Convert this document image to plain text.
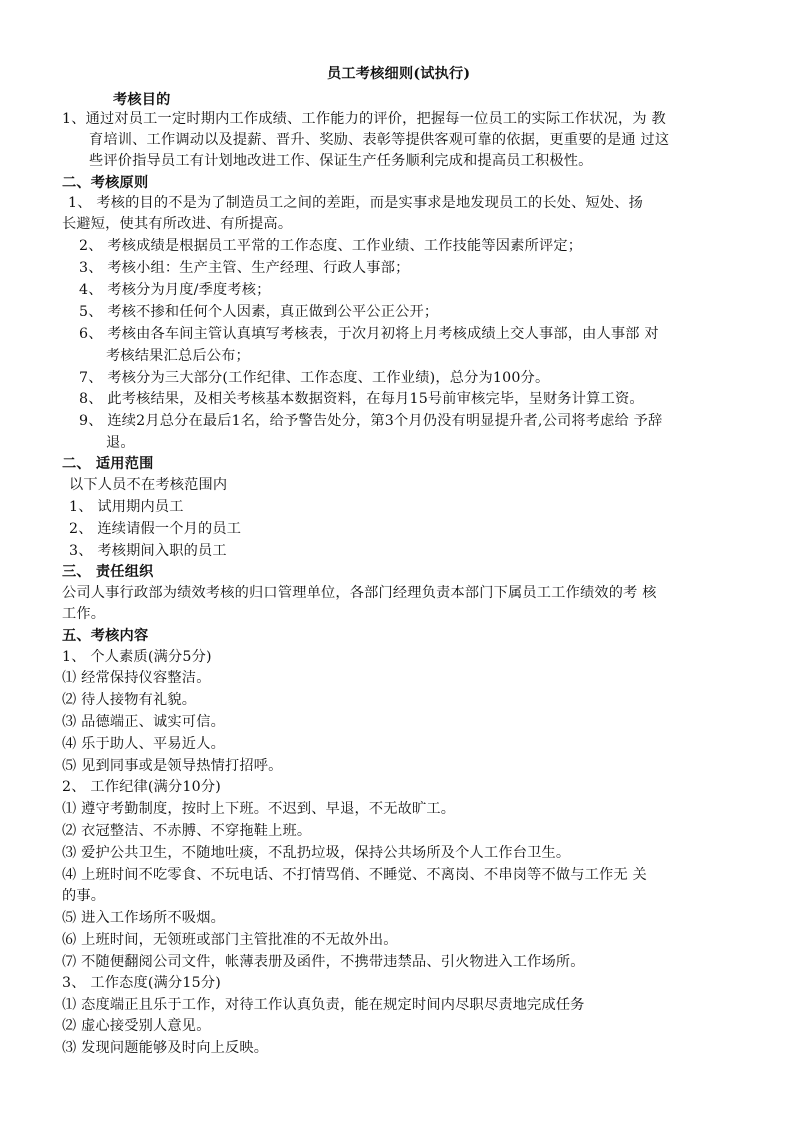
员工考核细则(试执行)
考核目的
1、通过对员工一定时期内工作成绩、工作能力的评价，把握每一位员工的实际工作状况，为 教
育培训、工作调动以及提薪、晋升、奖励、表彰等提供客观可靠的依据，更重要的是通 过这
些评价指导员工有计划地改进工作、保证生产任务顺利完成和提高员工积极性。
二、考核原则
1、 考核的目的不是为了制造员工之间的差距，而是实事求是地发现员工的长处、短处、扬
长避短，使其有所改进、有所提高。
2、 考核成绩是根据员工平常的工作态度、工作业绩、工作技能等因素所评定；
3、 考核小组：生产主管、生产经理、行政人事部；
4、 考核分为月度/季度考核；
5、 考核不掺和任何个人因素，真正做到公平公正公开；
6、 考核由各车间主管认真填写考核表，于次月初将上月考核成绩上交人事部，由人事部 对
考核结果汇总后公布；
7、 考核分为三大部分(工作纪律、工作态度、工作业绩)，总分为100分。
8、 此考核结果，及相关考核基本数据资料，在每月15号前审核完毕，呈财务计算工资。
9、 连续2月总分在最后1名，给予警告处分，第3个月仍没有明显提升者,公司将考虑给 予辞
退。
二、 适用范围
以下人员不在考核范围内
1、 试用期内员工
2、 连续请假一个月的员工
3、 考核期间入职的员工
三、 责任组织
公司人事行政部为绩效考核的归口管理单位，各部门经理负责本部门下属员工工作绩效的考 核
工作。
五、考核内容
1、 个人素质(满分5分)
⑴ 经常保持仪容整洁。
⑵ 待人接物有礼貌。
⑶ 品德端正、诚实可信。
⑷ 乐于助人、平易近人。
⑸ 见到同事或是领导热情打招呼。
2、 工作纪律(满分10分)
⑴ 遵守考勤制度，按时上下班。不迟到、早退，不无故旷工。
⑵ 衣冠整洁、不赤膊、不穿拖鞋上班。
⑶ 爱护公共卫生，不随地吐痰，不乱扔垃圾，保持公共场所及个人工作台卫生。
⑷ 上班时间不吃零食、不玩电话、不打情骂俏、不睡觉、不离岗、不串岗等不做与工作无 关
的事。
⑸ 进入工作场所不吸烟。
⑹ 上班时间，无领班或部门主管批准的不无故外出。
⑺ 不随便翻阅公司文件，帐薄表册及函件，不携带违禁品、引火物进入工作场所。
3、 工作态度(满分15分)
⑴ 态度端正且乐于工作，对待工作认真负责，能在规定时间内尽职尽责地完成任务
⑵ 虚心接受别人意见。
⑶ 发现问题能够及时向上反映。
